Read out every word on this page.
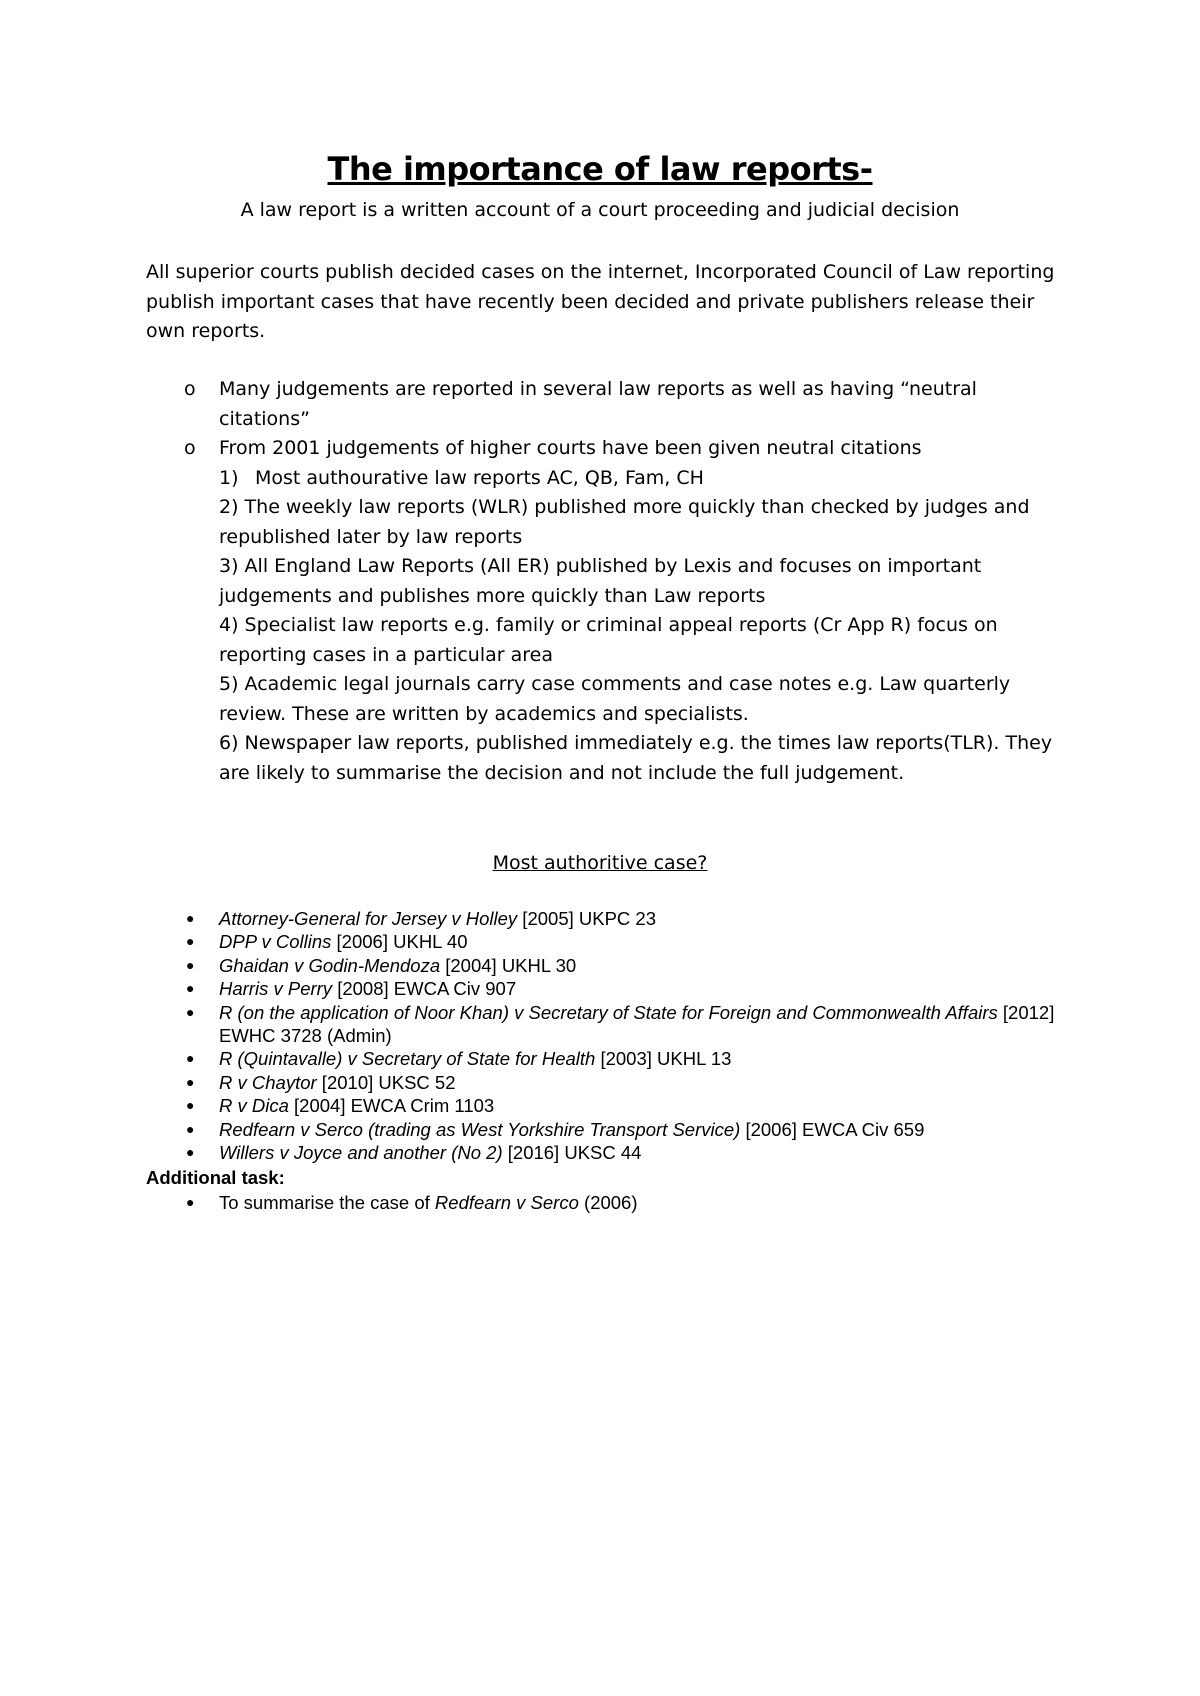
The importance of law reports-
A law report is a written account of a court proceeding and judicial decision
All superior courts publish decided cases on the internet, Incorporated Council of Law reporting publish important cases that have recently been decided and private publishers release their own reports.
o Many judgements are reported in several law reports as well as having “neutral citations”
o From 2001 judgements of higher courts have been given neutral citations
1) Most authourative law reports AC, QB, Fam, CH
2) The weekly law reports (WLR) published more quickly than checked by judges and republished later by law reports
3) All England Law Reports (All ER) published by Lexis and focuses on important judgements and publishes more quickly than Law reports
4) Specialist law reports e.g. family or criminal appeal reports (Cr App R) focus on reporting cases in a particular area
5) Academic legal journals carry case comments and case notes e.g. Law quarterly review. These are written by academics and specialists.
6) Newspaper law reports, published immediately e.g. the times law reports(TLR). They are likely to summarise the decision and not include the full judgement.
Most authoritive case?
● Attorney-General for Jersey v Holley [2005] UKPC 23
● DPP v Collins [2006] UKHL 40
● Ghaidan v Godin-Mendoza [2004] UKHL 30
● Harris v Perry [2008] EWCA Civ 907
● R (on the application of Noor Khan) v Secretary of State for Foreign and Commonwealth Affairs [2012] EWHC 3728 (Admin)
● R (Quintavalle) v Secretary of State for Health [2003] UKHL 13
● R v Chaytor [2010] UKSC 52
● R v Dica [2004] EWCA Crim 1103
● Redfearn v Serco (trading as West Yorkshire Transport Service) [2006] EWCA Civ 659
● Willers v Joyce and another (No 2) [2016] UKSC 44
Additional task:
● To summarise the case of Redfearn v Serco (2006)
